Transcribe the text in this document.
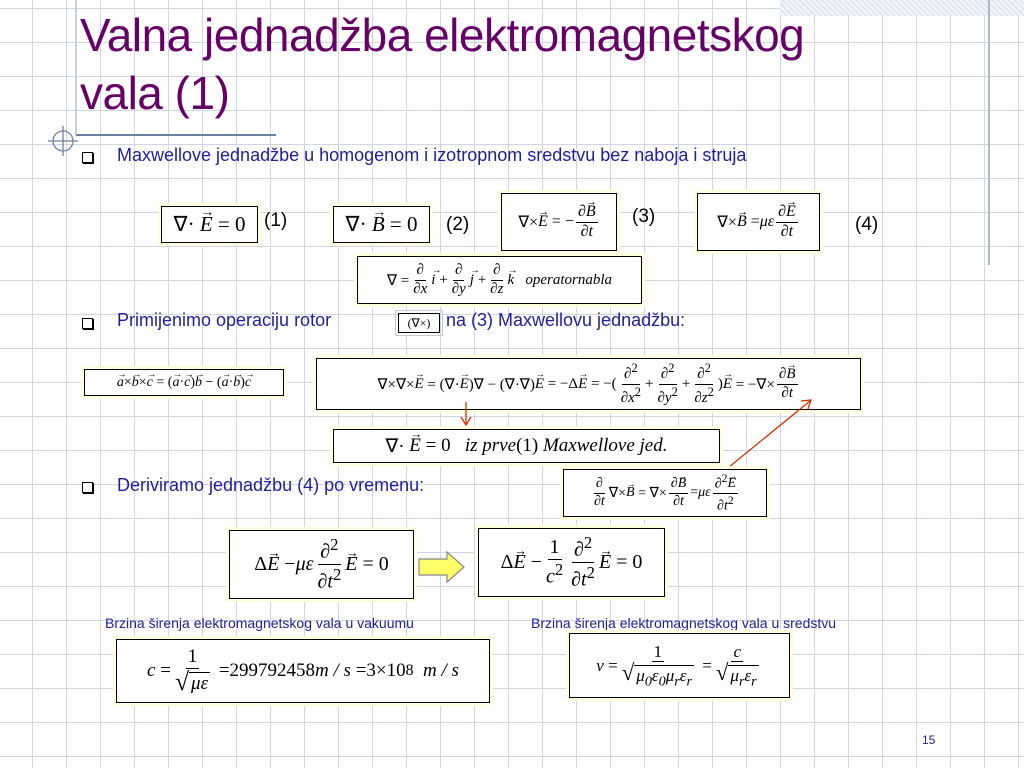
Valna jednadžba elektromagnetskog
vala (1)
Maxwellove jednadžbe u homogenom i izotropnom sredstvu bez naboja i struja
∇·
→ E = 0 (1)	∇·
→ B = 0	(2)	∇×
→ E = − $\frac{\partial\to B}{\partial t} (3)$	∇×
→ B = με $\frac{\partial\to E}{\partial t}$	(4)
∇ = $\frac{\partial}{\partial x}$
→ $i + \frac{\partial}{\partial y}$
→ $j + \frac{\partial}{\partial z}$
→ k
operatornabla
Primijenimo operaciju rotor	(∇×) na (3) Maxwellovu jednadžbu:
→ a ×
→ b ×
→ c = (
→ a ·
→ c )
→ b − (
→ a ·
→ b )
→ c	∇×∇×
→ E = (∇·
→ E )∇ − (∇·∇)
→ E = −Δ
→ E = −( $\frac{\partial^2}{\partial x^2} + \frac{\partial^2}{\partial y^2} + \frac{\partial^2}{\partial z^2}$ )
→ E = −∇× $\frac{\partial\to B}{\partial t}$
∇·
→ E = 0 iz prve (1)
Maxwellove jed.
Deriviramo jednadžbu (4) po vremenu:	$\frac{\partial}{\partial t}$ ∇×
→ B = ∇× $\frac{\partial\to B}{\partial t} = \mu\varepsilon \frac{\partial^2\to E}{\partial t^2}$
Δ
→ E − με $\frac{\partial^2}{\partial t^2}$
→ E = 0	Δ
→ $E - \frac{1}{c^2} \frac{\partial^2}{\partial t^2}$
→ E = 0
Brzina širenja elektromagnetskog vala u vakuumu	Brzina širenja elektromagnetskog vala u sredstvu
$c = \frac{1}{√ \mu\varepsilon} = 299792458$ m / s = 3×10 8
m / s	$v = \frac{1}{√ \mu_0\varepsilon_0\mu_r\varepsilon_r} = \frac{c}{√ \mu_r\varepsilon_r}$
15
